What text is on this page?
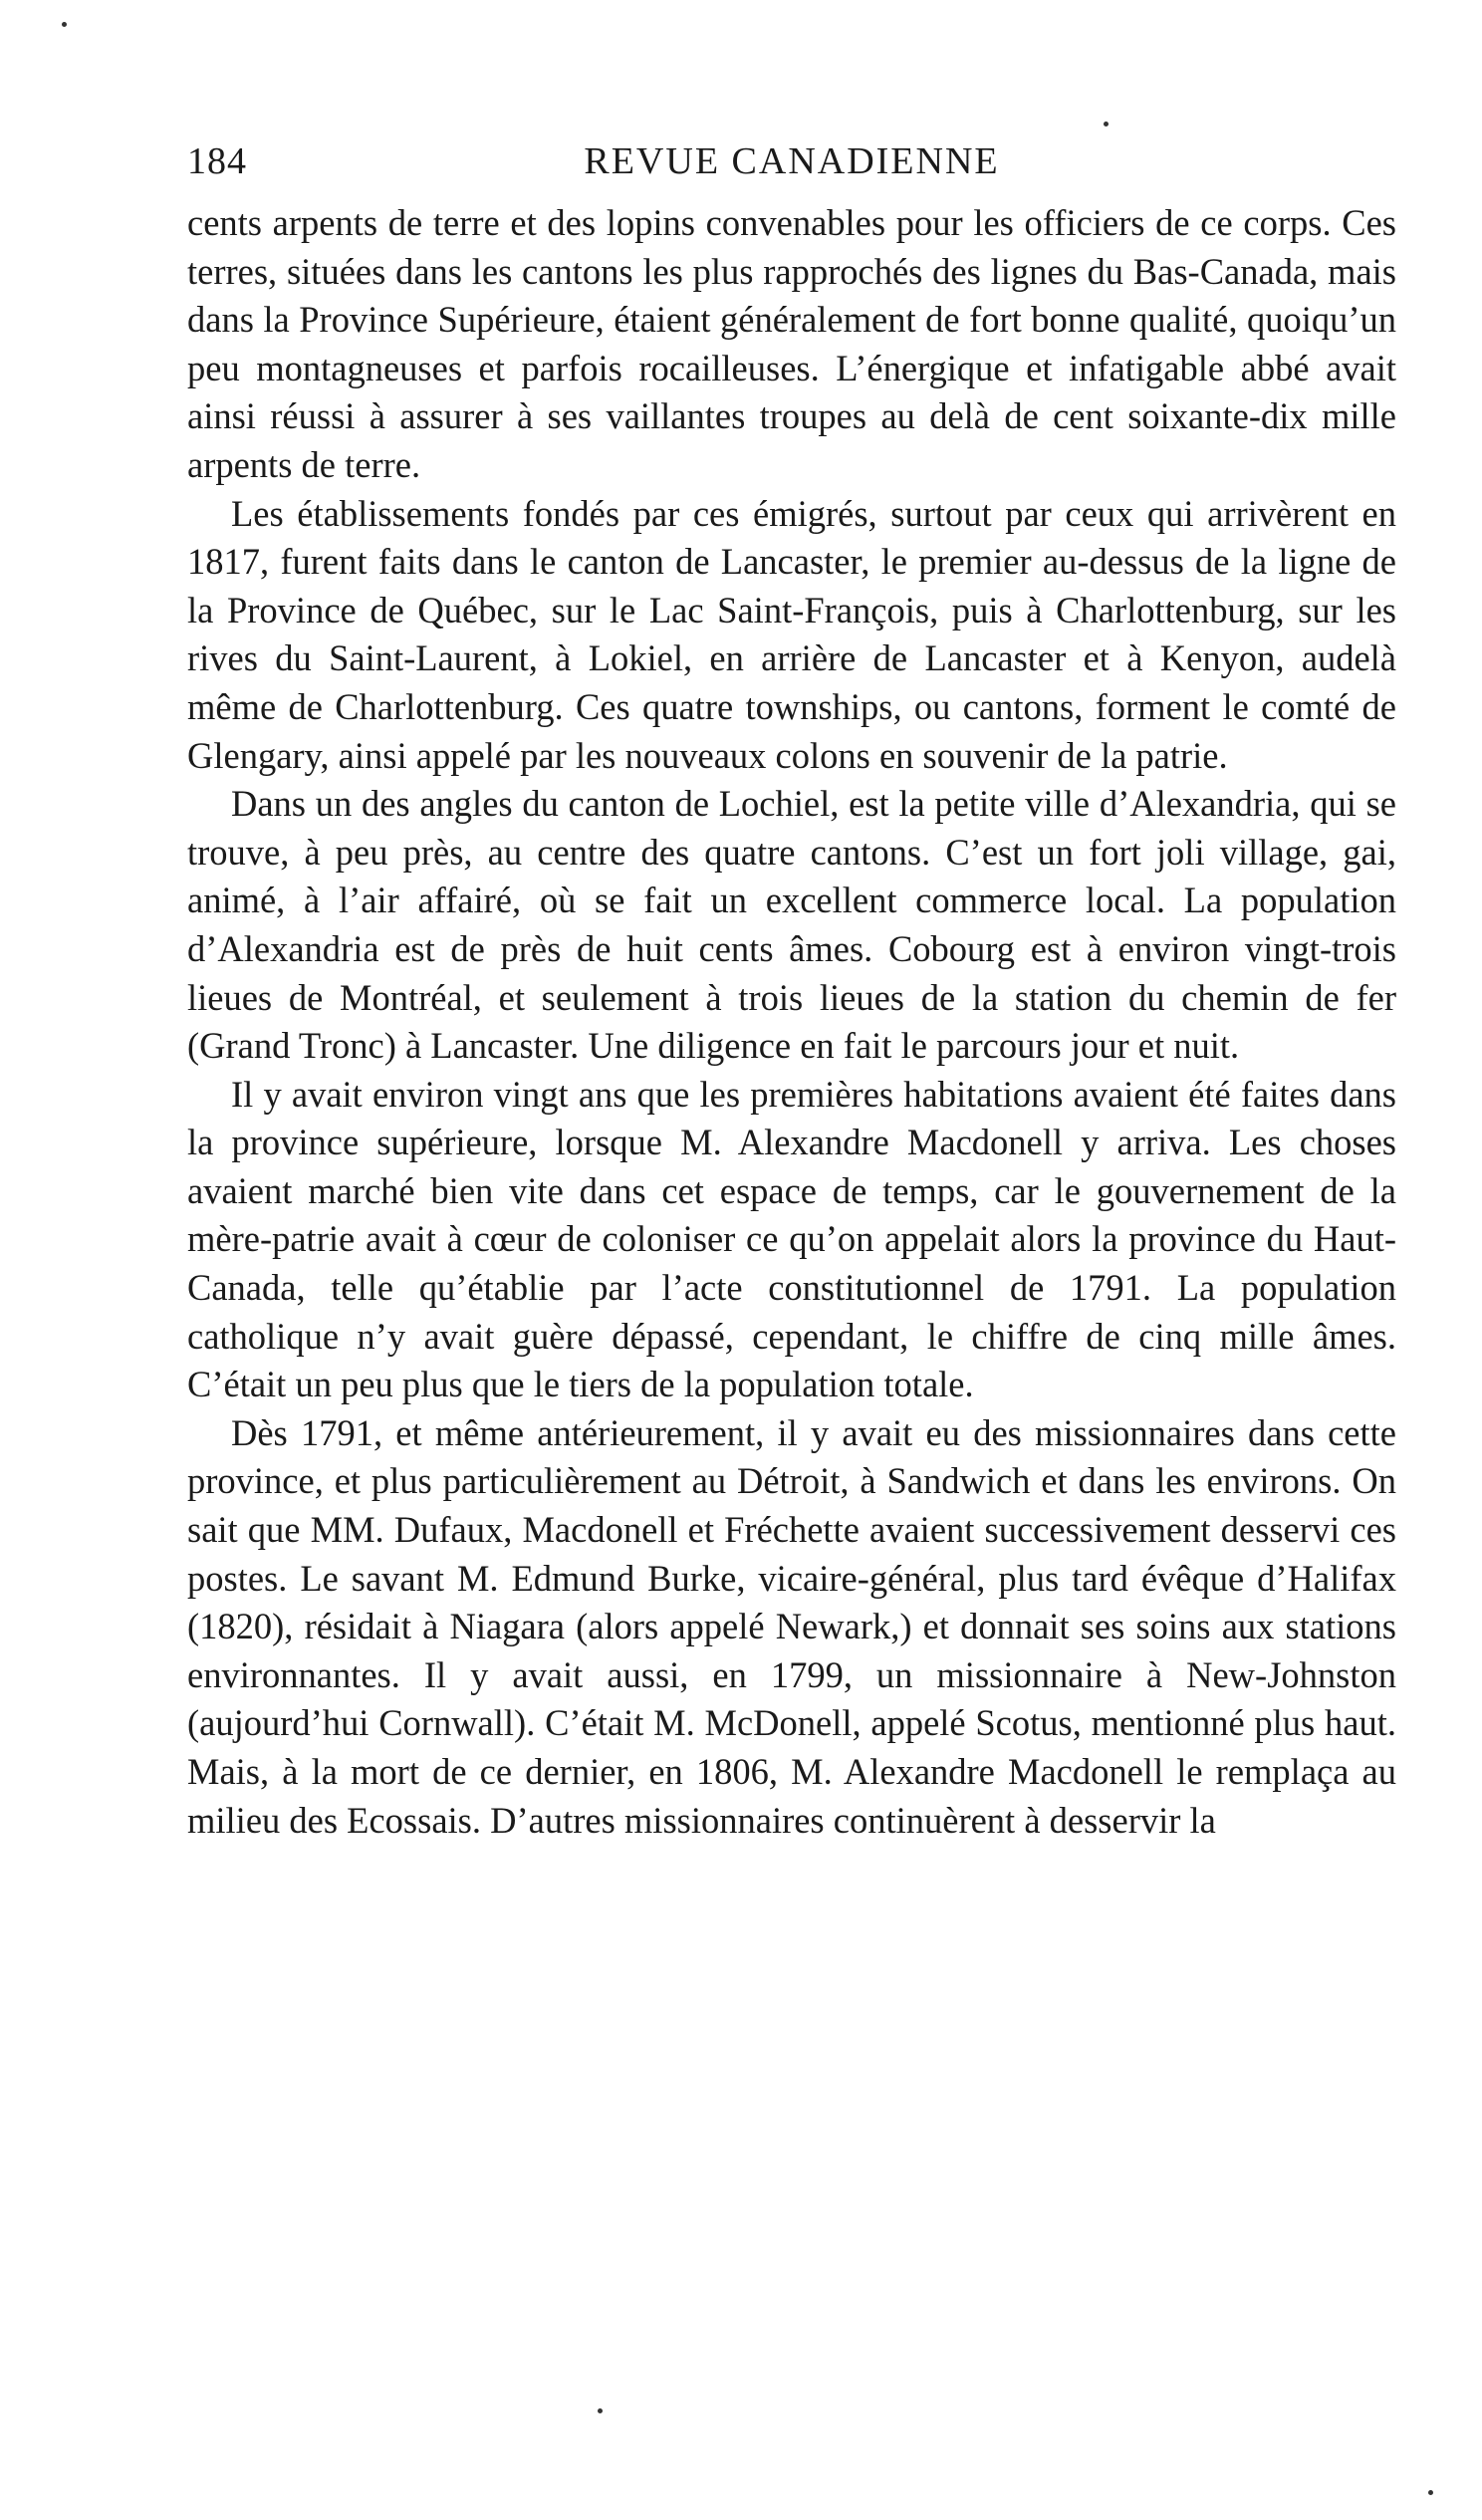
184	REVUE CANADIENNE

cents arpents de terre et des lopins convenables pour les officiers de ce corps. Ces terres, situées dans les cantons les plus rapprochés des lignes du Bas-Canada, mais dans la Province Supérieure, étaient généralement de fort bonne qualité, quoiqu’un peu montagneuses et parfois rocailleuses. L’énergique et infatigable abbé avait ainsi réussi à assurer à ses vaillantes troupes au delà de cent soixante-dix mille arpents de terre.

Les établissements fondés par ces émigrés, surtout par ceux qui arrivèrent en 1817, furent faits dans le canton de Lancaster, le premier au-dessus de la ligne de la Province de Québec, sur le Lac Saint-François, puis à Charlottenburg, sur les rives du Saint-Laurent, à Lokiel, en arrière de Lancaster et à Kenyon, audelà même de Charlottenburg. Ces quatre townships, ou cantons, forment le comté de Glengary, ainsi appelé par les nouveaux colons en souvenir de la patrie.

Dans un des angles du canton de Lochiel, est la petite ville d’Alexandria, qui se trouve, à peu près, au centre des quatre cantons. C’est un fort joli village, gai, animé, à l’air affairé, où se fait un excellent commerce local. La population d’Alexandria est de près de huit cents âmes. Cobourg est à environ vingt-trois lieues de Montréal, et seulement à trois lieues de la station du chemin de fer (Grand Tronc) à Lancaster. Une diligence en fait le parcours jour et nuit.

Il y avait environ vingt ans que les premières habitations avaient été faites dans la province supérieure, lorsque M. Alexandre Macdonell y arriva. Les choses avaient marché bien vite dans cet espace de temps, car le gouvernement de la mère-patrie avait à cœur de coloniser ce qu’on appelait alors la province du Haut-Canada, telle qu’établie par l’acte constitutionnel de 1791. La population catholique n’y avait guère dépassé, cependant, le chiffre de cinq mille âmes. C’était un peu plus que le tiers de la population totale.

Dès 1791, et même antérieurement, il y avait eu des missionnaires dans cette province, et plus particulièrement au Détroit, à Sandwich et dans les environs. On sait que MM. Dufaux, Macdonell et Fréchette avaient successivement desservi ces postes. Le savant M. Edmund Burke, vicaire-général, plus tard évêque d’Halifax (1820), résidait à Niagara (alors appelé Newark,) et donnait ses soins aux stations environnantes. Il y avait aussi, en 1799, un missionnaire à New-Johnston (aujourd’hui Cornwall). C’était M. McDonell, appelé Scotus, mentionné plus haut. Mais, à la mort de ce dernier, en 1806, M. Alexandre Macdonell le remplaça au milieu des Ecossais. D’autres missionnaires continuèrent à desservir la
